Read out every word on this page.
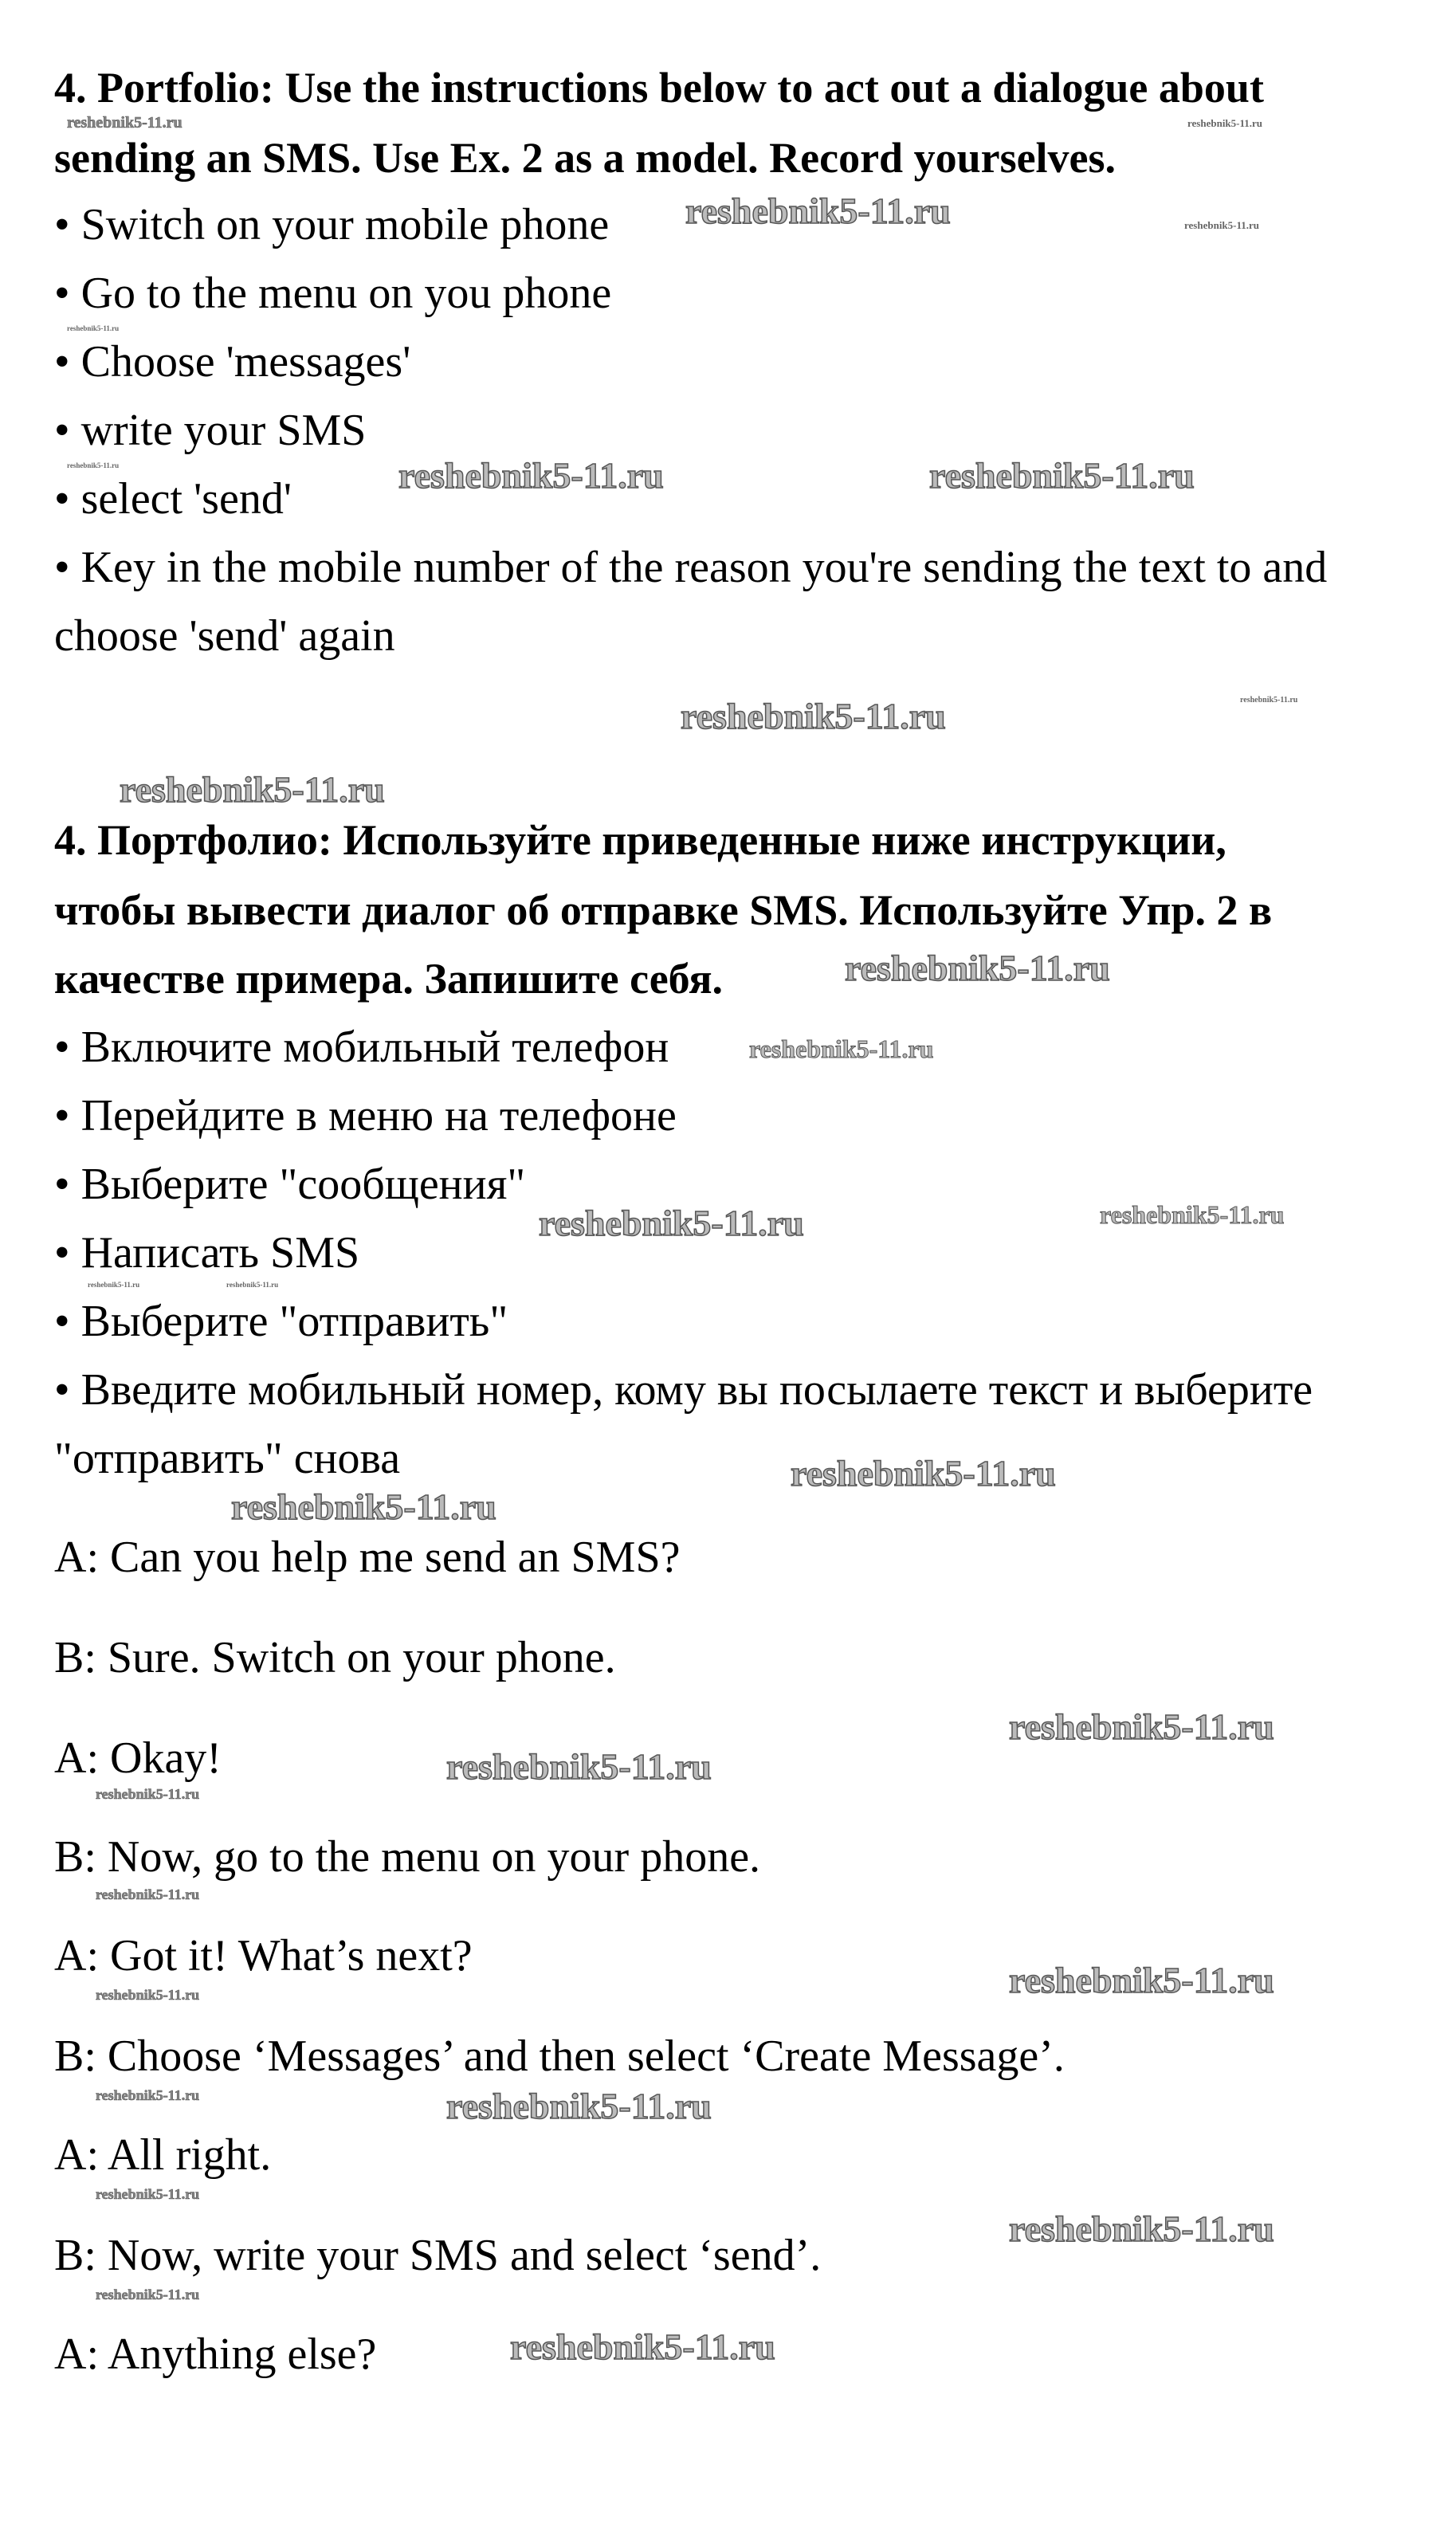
4. Portfolio: Use the instructions below to act out a dialogue about
sending an SMS. Use Ex. 2 as a model. Record yourselves.
• Switch on your mobile phone
• Go to the menu on you phone
• Choose 'messages'
• write your SMS
• select 'send'
• Key in the mobile number of the reason you're sending the text to and
choose 'send' again
4. Портфолио: Используйте приведенные ниже инструкции,
чтобы вывести диалог об отправке SMS. Используйте Упр. 2 в
качестве примера. Запишите себя.
• Включите мобильный телефон
• Перейдите в меню на телефоне
• Выберите "сообщения"
• Написать SMS
• Выберите "отправить"
• Введите мобильный номер, кому вы посылаете текст и выберите
"отправить" снова
A: Can you help me send an SMS?
B: Sure. Switch on your phone.
A: Okay!
B: Now, go to the menu on your phone.
A: Got it! What’s next?
B: Choose ‘Messages’ and then select ‘Create Message’.
A: All right.
B: Now, write your SMS and select ‘send’.
A: Anything else?
reshebnik5-11.ru	reshebnik5-11.ru
reshebnik5-11.ru	reshebnik5-11.ru
reshebnik5-11.ru
reshebnik5-11.ru	reshebnik5-11.ru
reshebnik5-11.ru
reshebnik5-11.ru	reshebnik5-11.ru
reshebnik5-11.ru
reshebnik5-11.ru
reshebnik5-11.ru
reshebnik5-11.ru	reshebnik5-11.ru
reshebnik5-11.ru	reshebnik5-11.ru
reshebnik5-11.ru
reshebnik5-11.ru
reshebnik5-11.ru
reshebnik5-11.ru
reshebnik5-11.ru
reshebnik5-11.ru
reshebnik5-11.ru	reshebnik5-11.ru
reshebnik5-11.ru	reshebnik5-11.ru
reshebnik5-11.ru
reshebnik5-11.ru
reshebnik5-11.ru
reshebnik5-11.ru
